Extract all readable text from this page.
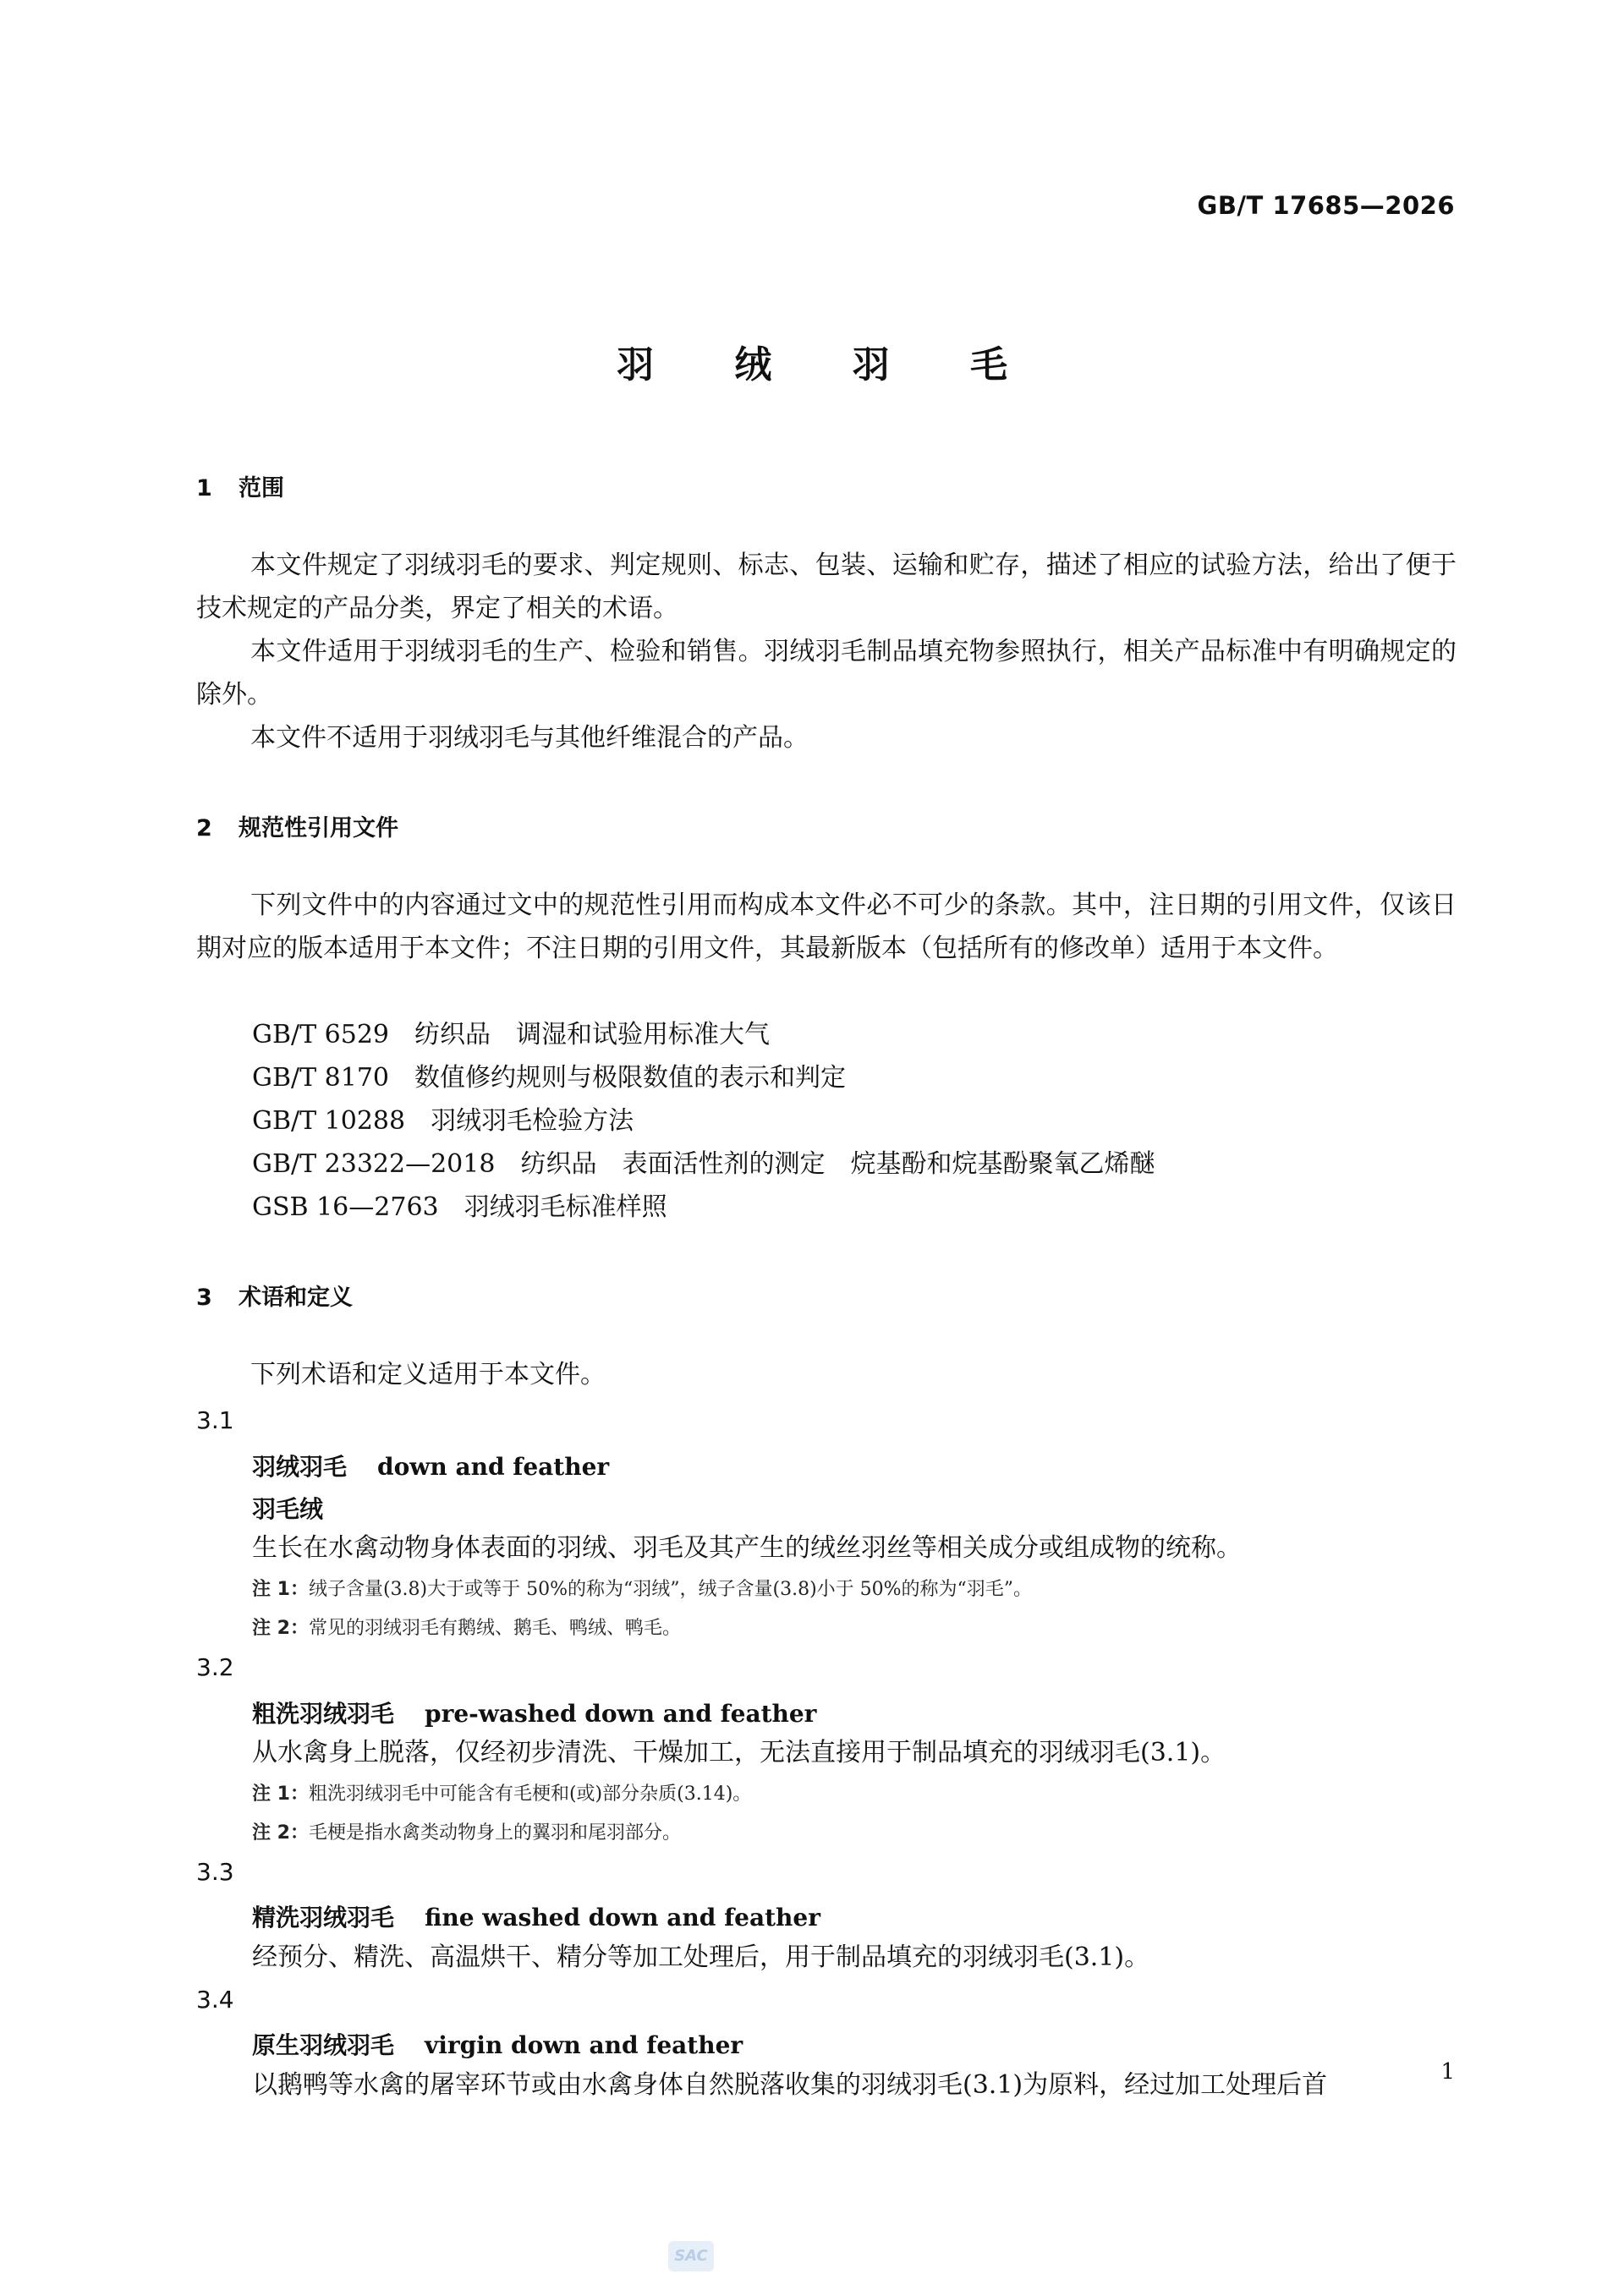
GB/T 17685—2026
羽 绒 羽 毛
1 范围
本文件规定了羽绒羽毛的要求、判定规则、标志、包装、运输和贮存，描述了相应的试验方法，给出了便于技术规定的产品分类，界定了相关的术语。
本文件适用于羽绒羽毛的生产、检验和销售。羽绒羽毛制品填充物参照执行，相关产品标准中有明确规定的除外。
本文件不适用于羽绒羽毛与其他纤维混合的产品。
2 规范性引用文件
下列文件中的内容通过文中的规范性引用而构成本文件必不可少的条款。其中，注日期的引用文件，仅该日期对应的版本适用于本文件；不注日期的引用文件，其最新版本（包括所有的修改单）适用于本文件。
GB/T 6529　纺织品　调湿和试验用标准大气
GB/T 8170　数值修约规则与极限数值的表示和判定
GB/T 10288　羽绒羽毛检验方法
GB/T 23322—2018　纺织品　表面活性剂的测定　烷基酚和烷基酚聚氧乙烯醚
GSB 16—2763　羽绒羽毛标准样照
3 术语和定义
下列术语和定义适用于本文件。
3.1
羽绒羽毛 down and feather
羽毛绒
生长在水禽动物身体表面的羽绒、羽毛及其产生的绒丝羽丝等相关成分或组成物的统称。
注 1：绒子含量(3.8)大于或等于 50%的称为“羽绒”，绒子含量(3.8)小于 50%的称为“羽毛”。
注 2：常见的羽绒羽毛有鹅绒、鹅毛、鸭绒、鸭毛。
3.2
粗洗羽绒羽毛 pre-washed down and feather
从水禽身上脱落，仅经初步清洗、干燥加工，无法直接用于制品填充的羽绒羽毛(3.1)。
注 1：粗洗羽绒羽毛中可能含有毛梗和(或)部分杂质(3.14)。
注 2：毛梗是指水禽类动物身上的翼羽和尾羽部分。
3.3
精洗羽绒羽毛 fine washed down and feather
经预分、精洗、高温烘干、精分等加工处理后，用于制品填充的羽绒羽毛(3.1)。
3.4
原生羽绒羽毛 virgin down and feather
以鹅鸭等水禽的屠宰环节或由水禽身体自然脱落收集的羽绒羽毛(3.1)为原料，经过加工处理后首	1
SAC
